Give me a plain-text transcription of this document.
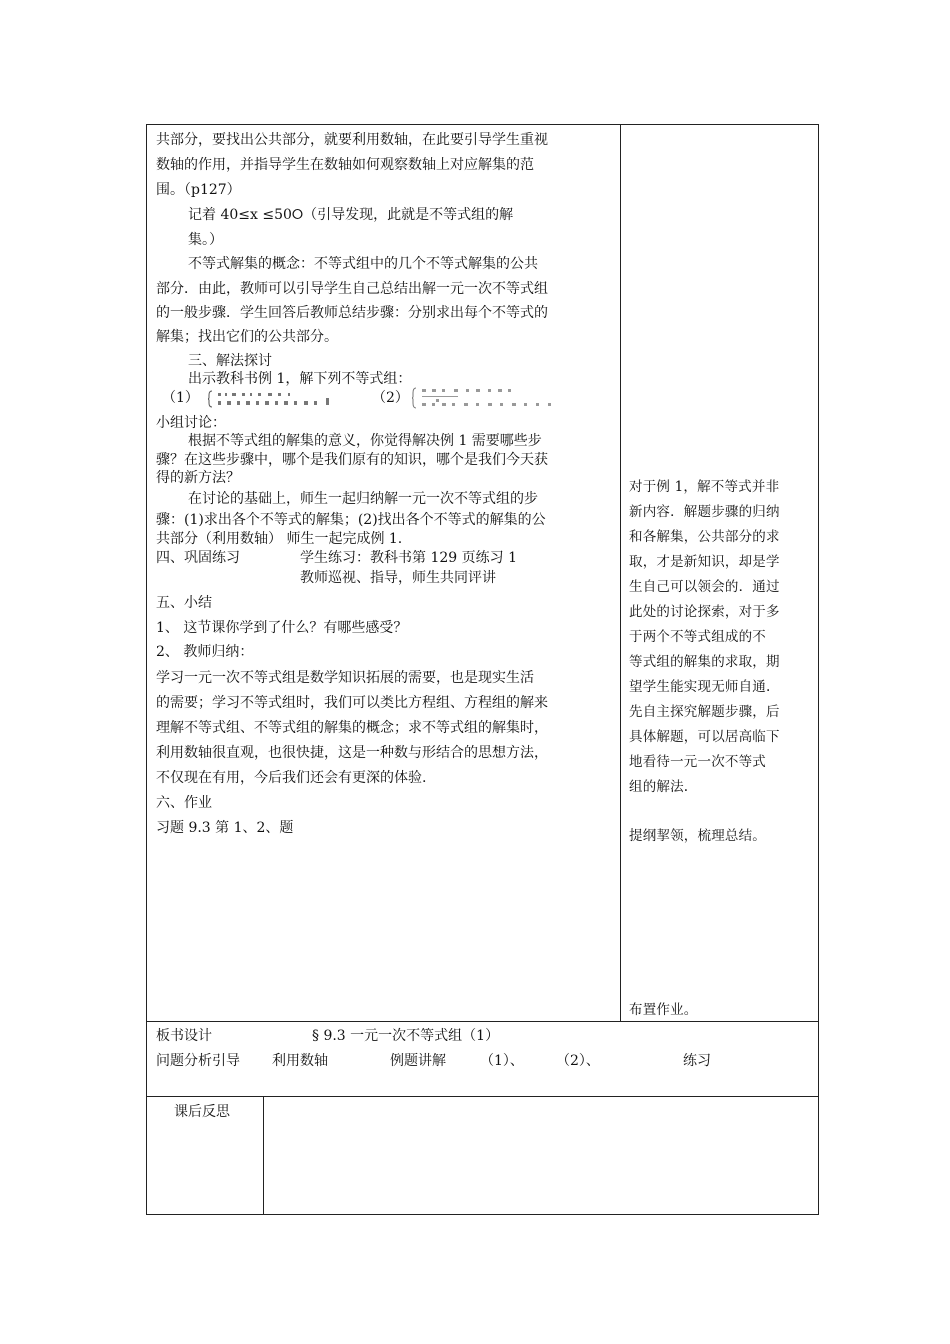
共部分，要找出公共部分，就要利用数轴，在此要引导学生重视
数轴的作用，并指导学生在数轴如何观察数轴上对应解集的范
围。（p127）
记着 40≤x ≤50⭘（引导发现，此就是不等式组的解
集。）
不等式解集的概念：不等式组中的几个不等式解集的公共
部分．由此，教师可以引导学生自己总结出解一元一次不等式组
的一般步骤．学生回答后教师总结步骤：分别求出每个不等式的
解集；找出它们的公共部分。
三、解法探讨
出示教科书例 1，解下列不等式组：
（1）	（2）
小组讨论：
根据不等式组的解集的意义，你觉得解决例 1 需要哪些步
骤？在这些步骤中，哪个是我们原有的知识，哪个是我们今天获
得的新方法？
在讨论的基础上，师生一起归纳解一元一次不等式组的步
骤：(1)求出各个不等式的解集；(2)找出各个不等式的解集的公
共部分（利用数轴） 师生一起完成例 1.
四、巩固练习	学生练习：教科书第 129 页练习 1
教师巡视、指导，师生共同评讲
五、小结
1、 这节课你学到了什么？有哪些感受？
2、 教师归纳：
学习一元一次不等式组是数学知识拓展的需要，也是现实生活
的需要；学习不等式组时，我们可以类比方程组、方程组的解来
理解不等式组、不等式组的解集的概念；求不等式组的解集时，
利用数轴很直观，也很快捷，这是一种数与形结合的思想方法，
不仅现在有用，今后我们还会有更深的体验.
六、作业
习题 9.3 第 1、2、题
对于例 1，解不等式并非
新内容．解题步骤的归纳
和各解集，公共部分的求
取，才是新知识，却是学
生自己可以领会的．通过
此处的讨论探索，对于多
于两个不等式组成的不
等式组的解集的求取，期
望学生能实现无师自通.
先自主探究解题步骤，后
具体解题，可以居高临下
地看待一元一次不等式
组的解法.
提纲挈领，梳理总结。
布置作业。
板书设计	§ 9.3 一元一次不等式组（1）
问题分析引导 利用数轴	例题讲解 （1）、 （2）、	练习
课后反思
